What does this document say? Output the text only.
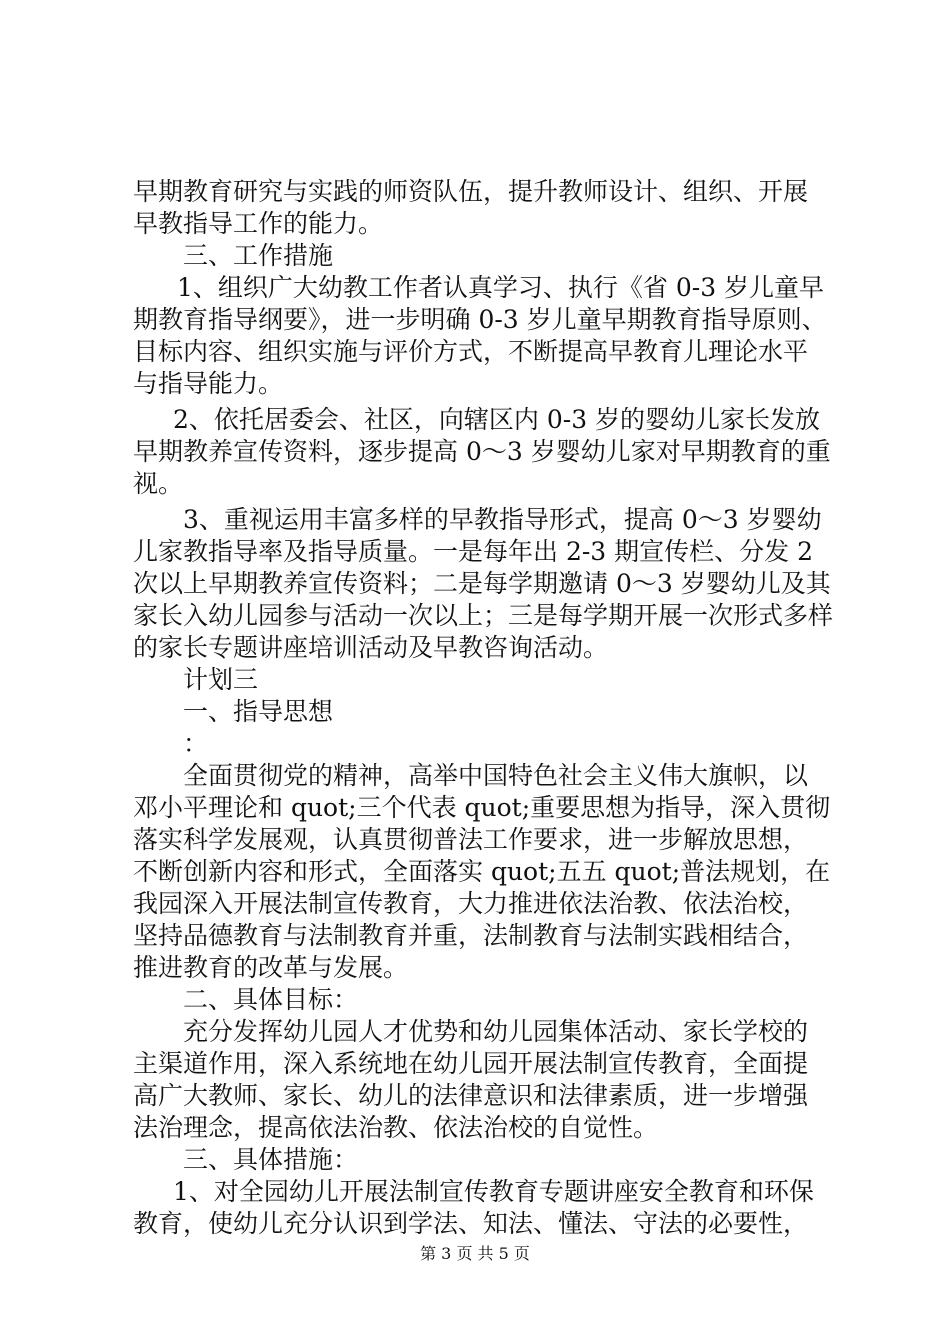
早期教育研究与实践的师资队伍，提升教师设计、组织、开展
早教指导工作的能力。
三、工作措施
1、组织广大幼教工作者认真学习、执行《省 0-3 岁儿童早
期教育指导纲要》，进一步明确 0-3 岁儿童早期教育指导原则、
目标内容、组织实施与评价方式，不断提高早教育儿理论水平
与指导能力。
2、依托居委会、社区，向辖区内 0-3 岁的婴幼儿家长发放
早期教养宣传资料，逐步提高 0～3 岁婴幼儿家对早期教育的重
视。
3、重视运用丰富多样的早教指导形式，提高 0～3 岁婴幼
儿家教指导率及指导质量。一是每年出 2-3 期宣传栏、分发 2
次以上早期教养宣传资料；二是每学期邀请 0～3 岁婴幼儿及其
家长入幼儿园参与活动一次以上；三是每学期开展一次形式多样
的家长专题讲座培训活动及早教咨询活动。
计划三
一、指导思想
：
全面贯彻党的精神，高举中国特色社会主义伟大旗帜，以
邓小平理论和 quot;三个代表 quot;重要思想为指导，深入贯彻
落实科学发展观，认真贯彻普法工作要求，进一步解放思想，
不断创新内容和形式，全面落实 quot;五五 quot;普法规划，在
我园深入开展法制宣传教育，大力推进依法治教、依法治校，
坚持品德教育与法制教育并重，法制教育与法制实践相结合，
推进教育的改革与发展。
二、具体目标：
充分发挥幼儿园人才优势和幼儿园集体活动、家长学校的
主渠道作用，深入系统地在幼儿园开展法制宣传教育，全面提
高广大教师、家长、幼儿的法律意识和法律素质，进一步增强
法治理念，提高依法治教、依法治校的自觉性。
三、具体措施：
1、对全园幼儿开展法制宣传教育专题讲座安全教育和环保
教育，使幼儿充分认识到学法、知法、懂法、守法的必要性，
第 3 页 共 5 页
